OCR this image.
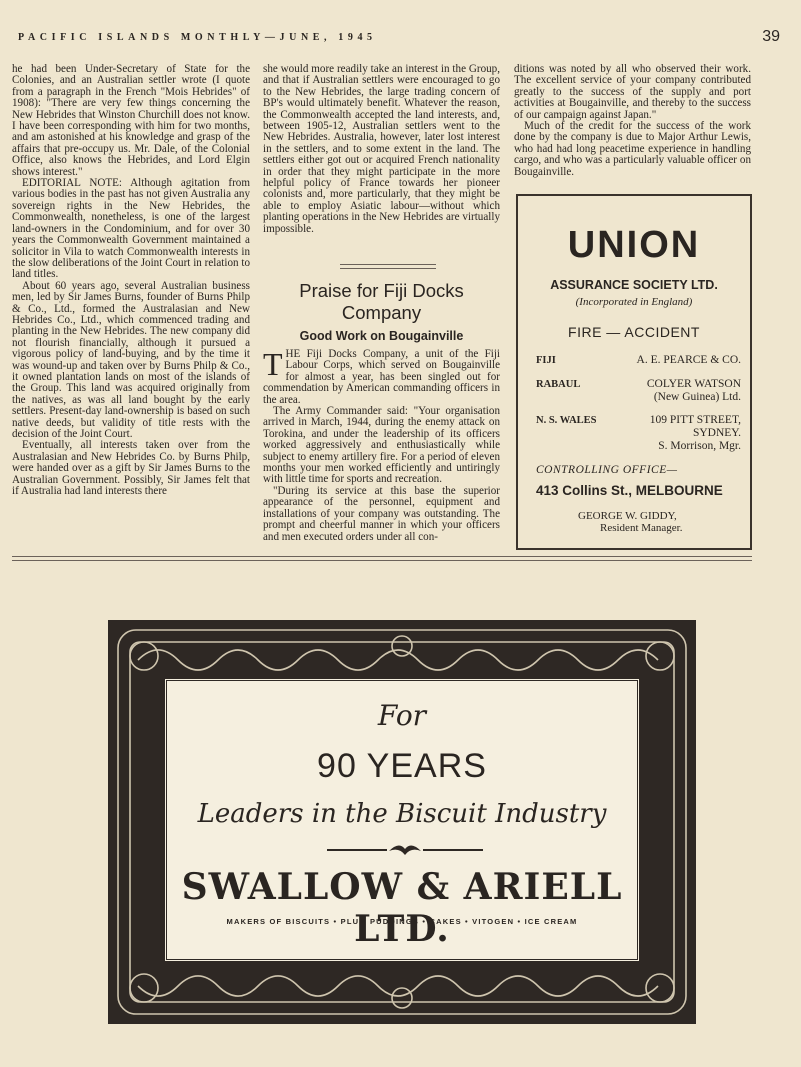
PACIFIC ISLANDS MONTHLY—JUNE, 1945	39

he had been Under-Secretary of State for the Colonies, and an Australian settler wrote (I quote from a paragraph in the French "Mois Hebrides" of 1908): "There are very few things concerning the New Hebrides that Winston Churchill does not know. I have been corresponding with him for two months, and am astonished at his knowledge and grasp of the affairs that pre-occupy us. Mr. Dale, of the Colonial Office, also knows the Hebrides, and Lord Elgin shows interest."

EDITORIAL NOTE: Although agitation from various bodies in the past has not given Australia any sovereign rights in the New Hebrides, the Commonwealth, nonetheless, is one of the largest land-owners in the Condominium, and for over 30 years the Commonwealth Government maintained a solicitor in Vila to watch Commonwealth interests in the slow deliberations of the Joint Court in relation to land titles.

About 60 years ago, several Australian business men, led by Sir James Burns, founder of Burns Philp & Co., Ltd., formed the Australasian and New Hebrides Co., Ltd., which commenced trading and planting in the New Hebrides. The new company did not flourish financially, although it pursued a vigorous policy of land-buying, and by the time it was wound-up and taken over by Burns Philp & Co., it owned plantation lands on most of the islands of the Group. This land was acquired originally from the natives, as was all land bought by the early settlers. Present-day land-ownership is based on such native deeds, but validity of title rests with the decision of the Joint Court.

Eventually, all interests taken over from the Australasian and New Hebrides Co. by Burns Philp, were handed over as a gift by Sir James Burns to the Australian Government. Possibly, Sir James felt that if Australia had land interests there

she would more readily take an interest in the Group, and that if Australian settlers were encouraged to go to the New Hebrides, the large trading concern of BP's would ultimately benefit. Whatever the reason, the Commonwealth accepted the land interests, and, between 1905-12, Australian settlers went to the New Hebrides. Australia, however, later lost interest in the settlers, and to some extent in the land. The settlers either got out or acquired French nationality in order that they might participate in the more helpful policy of France towards her pioneer colonists and, more particularly, that they might be able to employ Asiatic labour—without which planting operations in the New Hebrides are virtually impossible.

Praise for Fiji Docks Company
Good Work on Bougainville

THE Fiji Docks Company, a unit of the Fiji Labour Corps, which served on Bougainville for almost a year, has been singled out for commendation by American commanding officers in the area.

The Army Commander said: "Your organisation arrived in March, 1944, during the enemy attack on Torokina, and under the leadership of its officers worked aggressively and enthusiastically while subject to enemy artillery fire. For a period of eleven months your men worked efficiently and untiringly with little time for sports and recreation.

"During its service at this base the superior appearance of the personnel, equipment and installations of your company was outstanding. The prompt and cheerful manner in which your officers and men executed orders under all con-

ditions was noted by all who observed their work. The excellent service of your company contributed greatly to the success of the supply and port activities at Bougainville, and thereby to the success of our campaign against Japan."

Much of the credit for the success of the work done by the company is due to Major Arthur Lewis, who had had long peacetime experience in handling cargo, and who was a particularly valuable officer on Bougainville.

UNION
ASSURANCE SOCIETY LTD.
(Incorporated in England)
FIRE — ACCIDENT
FIJI	A. E. PEARCE & CO.
RABAUL	COLYER WATSON
(New Guinea) Ltd.
N. S. WALES	109 PITT STREET,
SYDNEY.
S. Morrison, Mgr.
CONTROLLING OFFICE—
413 Collins St., MELBOURNE
GEORGE W. GIDDY,
Resident Manager.
For
90 YEARS
Leaders in the Biscuit Industry
SWALLOW & ARIELL LTD.
MAKERS OF BISCUITS • PLUM PUDDINGS • CAKES • VITOGEN • ICE CREAM
